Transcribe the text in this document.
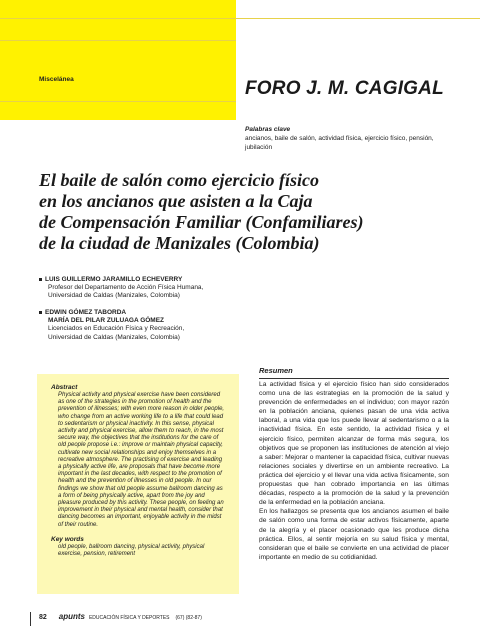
Miscelánea	FORO J. M. CAGIGAL
Palabras clave
ancianos, baile de salón, actividad física, ejercicio físico, pensión, jubilación
El baile de salón como ejercicio físico
en los ancianos que asisten a la Caja
de Compensación Familiar (Confamiliares)
de la ciudad de Manizales (Colombia)
LUIS GUILLERMO JARAMILLO ECHEVERRY
Profesor del Departamento de Acción Física Humana,
Universidad de Caldas (Manizales, Colombia)
EDWIN GÓMEZ TABORDA
MARÍA DEL PILAR ZULUAGA GÓMEZ
Licenciados en Educación Física y Recreación,
Universidad de Caldas (Manizales, Colombia)
Abstract
Physical activity and physical exercise have been considered as one of the strategies in the promotion of health and the prevention of illnesses; with even more reason in older people, who change from an active working life to a life that could lead to sedentarism or physical inactivity. In this sense, physical activity and physical exercise, allow them to reach, in the most secure way, the objectives that the institutions for the care of old people propose i.e.: improve or maintain physical capacity, cultivate new social relationships and enjoy themselves in a recreative atmosphere. The practising of exercise and leading a physically active life, are proposals that have become more important in the last decades, with respect to the promotion of health and the prevention of illnesses in old people. In our findings we show that old people assume ballroom dancing as a form of being physically active, apart from the joy and pleasure produced by this activity. These people, on feeling an improvement in their physical and mental health, consider that dancing becomes an important, enjoyable activity in the midst of their routine.
Key words
old people, ballroom dancing, physical activity, physical exercise, pension, retirement
Resumen

La actividad física y el ejercicio físico han sido considerados como una de las estrategias en la promoción de la salud y prevención de enfermedades en el individuo; con mayor razón en la población anciana, quienes pasan de una vida activa laboral, a una vida que los puede llevar al sedentarismo o a la inactividad física. En este sentido, la actividad física y el ejercicio físico, permiten alcanzar de forma más segura, los objetivos que se proponen las instituciones de atención al viejo a saber: Mejorar o mantener la capacidad física, cultivar nuevas relaciones sociales y divertirse en un ambiente recreativo. La práctica del ejercicio y el llevar una vida activa físicamente, son propuestas que han cobrado importancia en las últimas décadas, respecto a la promoción de la salud y la prevención de la enfermedad en la población anciana.

En los hallazgos se presenta que los ancianos asumen el baile de salón como una forma de estar activos físicamente, aparte de la alegría y el placer ocasionado que les produce dicha práctica. Ellos, al sentir mejoría en su salud física y mental, consideran que el baile se convierte en una actividad de placer importante en medio de su cotidianidad.

82 apunts EDUCACIÓN FÍSICA Y DEPORTES (67) (82-87)
